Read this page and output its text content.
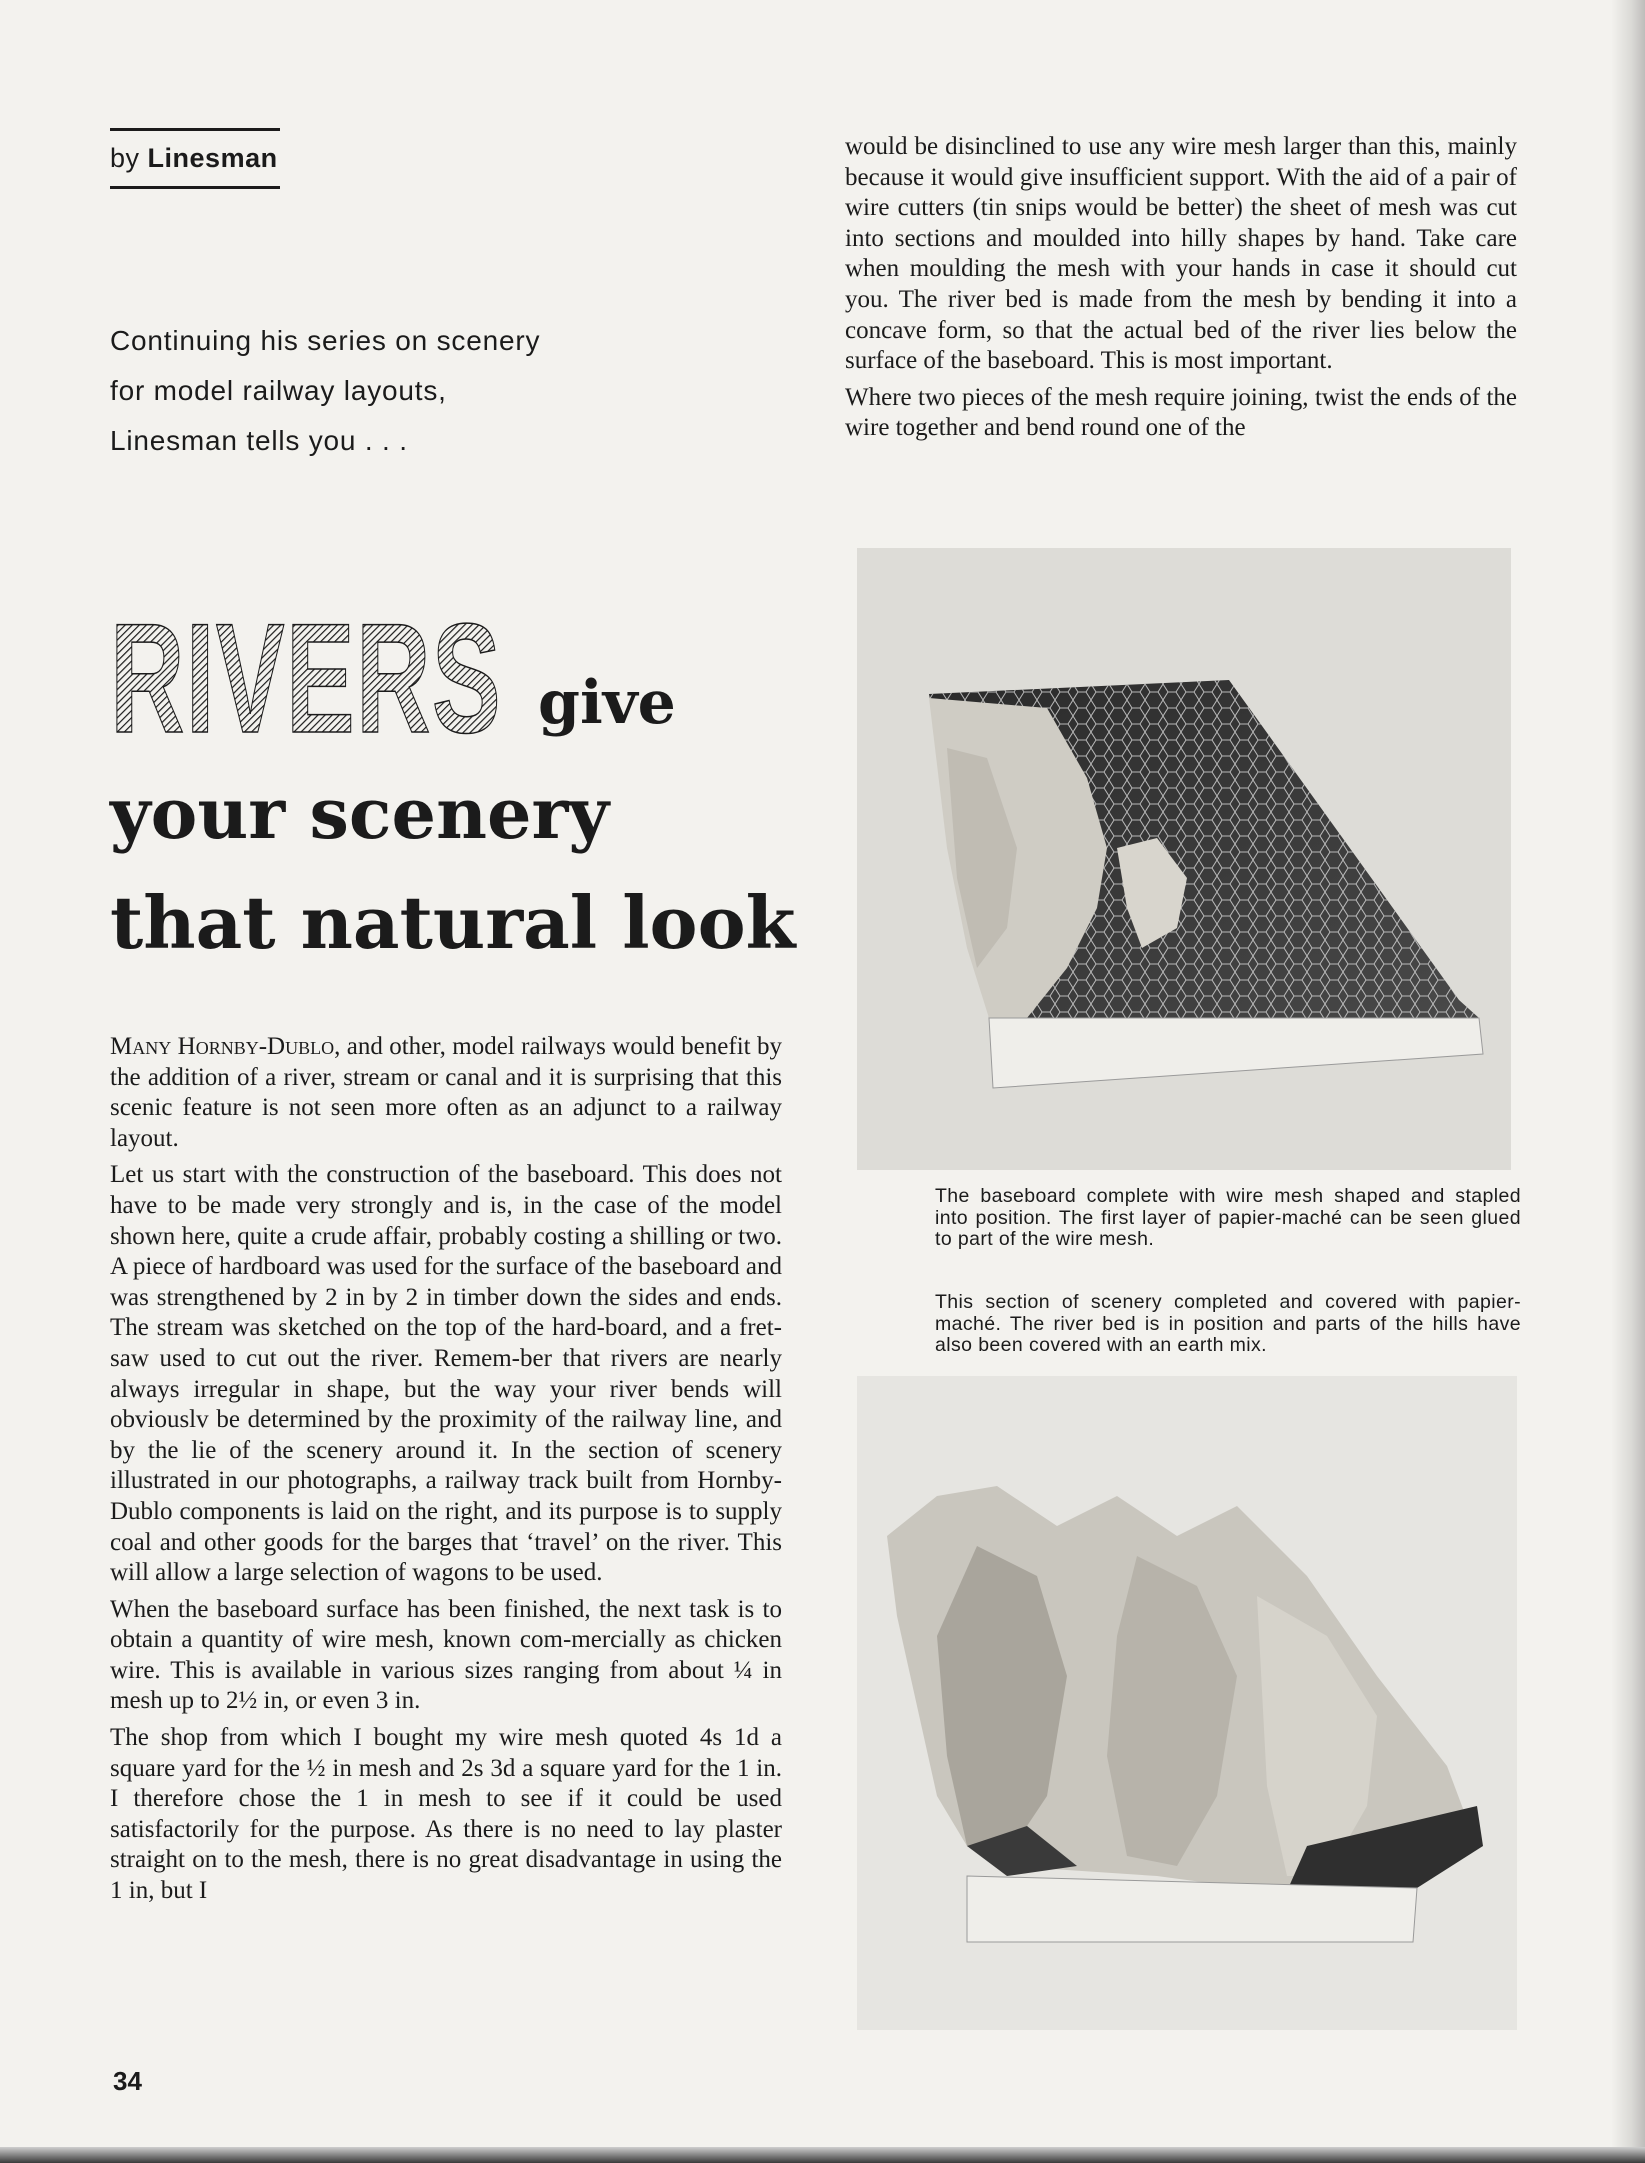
by Linesman
Continuing his series on scenery
for model railway layouts,
Linesman tells you . . .
RIVERS give
your scenery
that natural look

Many Hornby-Dublo, and other, model railways would benefit by the addition of a river, stream or canal and it is surprising that this scenic feature is not seen more often as an adjunct to a railway layout.

Let us start with the construction of the baseboard. This does not have to be made very strongly and is, in the case of the model shown here, quite a crude affair, probably costing a shilling or two. A piece of hardboard was used for the surface of the baseboard and was strengthened by 2 in by 2 in timber down the sides and ends. The stream was sketched on the top of the hard-board, and a fret-saw used to cut out the river. Remem-ber that rivers are nearly always irregular in shape, but the way your river bends will obviouslv be determined by the proximity of the railway line, and by the lie of the scenery around it. In the section of scenery illustrated in our photographs, a railway track built from Hornby-Dublo components is laid on the right, and its purpose is to supply coal and other goods for the barges that ‘travel’ on the river. This will allow a large selection of wagons to be used.

When the baseboard surface has been finished, the next task is to obtain a quantity of wire mesh, known com-mercially as chicken wire. This is available in various sizes ranging from about ¼ in mesh up to 2½ in, or even 3 in.

The shop from which I bought my wire mesh quoted 4s 1d a square yard for the ½ in mesh and 2s 3d a square yard for the 1 in. I therefore chose the 1 in mesh to see if it could be used satisfactorily for the purpose. As there is no need to lay plaster straight on to the mesh, there is no great disadvantage in using the 1 in, but I

would be disinclined to use any wire mesh larger than this, mainly because it would give insufficient support. With the aid of a pair of wire cutters (tin snips would be better) the sheet of mesh was cut into sections and moulded into hilly shapes by hand. Take care when moulding the mesh with your hands in case it should cut you. The river bed is made from the mesh by bending it into a concave form, so that the actual bed of the river lies below the surface of the baseboard. This is most important.

Where two pieces of the mesh require joining, twist the ends of the wire together and bend round one of the

The baseboard complete with wire mesh shaped and stapled into position. The first layer of papier-maché can be seen glued to part of the wire mesh.
This section of scenery completed and covered with papier-maché. The river bed is in position and parts of the hills have also been covered with an earth mix.
34
